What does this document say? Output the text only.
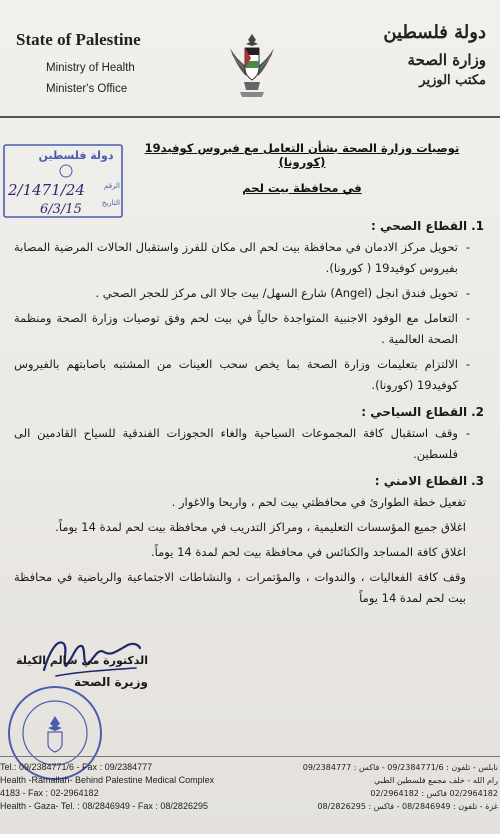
State of Palestine
Ministry of Health
Minister's Office
دولة فلسطين
وزارة الصحة
مكتب الوزير
دولة فلسطين
الرقم
التاريخ
2/1471/24
6/3/15
توصيات وزارة الصحة بشأن التعامل مع فيروس كوفيد19 (كورونا)
في محافظة بيت لحم
1.القطاع الصحي :
- تحويل مركز الادمان في محافظة بيت لحم الى مكان للفرز واستقبال الحالات المرضية المصابة بفيروس كوفيد19 ( كورونا).
- تحويل فندق انجل (Angel) شارع السهل/ بيت جالا الى مركز للحجر الصحي .
- التعامل مع الوفود الاجنبية المتواجدة حالياً في بيت لحم وفق توصيات وزارة الصحة ومنظمة الصحة العالمية .
- الالتزام بتعليمات وزارة الصحة بما يخص سحب العينات من المشتبه باصابتهم بالفيروس كوفيد19 (كورونا).
2.القطاع السياحي :
- وقف استقبال كافة المجموعات السياحية والغاء الحجوزات الفندقية للسياح القادمين الى فلسطين.
3.القطاع الامني :
تفعيل خطة الطوارئ في محافظتي بيت لحم ، واريحا والاغوار .
اغلاق جميع المؤسسات التعليمية ، ومراكز التدريب في محافظة بيت لحم لمدة 14 يوماً.
اغلاق كافة المساجد والكنائس في محافظة بيت لحم لمدة 14 يوماً.
وقف كافة الفعاليات ، والندوات ، والمؤتمرات ، والنشاطات الاجتماعية والرياضية في محافظة بيت لحم لمدة 14 يوماً
الدكتورة مي سالم الكيلة
وزيرة الصحة
Tel.: 09/2384771/6 - Fax : 09/2384777
Health -Ramallah- Behind Palestine Medical Complex
4183 - Fax : 02-2964182
Health - Gaza- Tel. : 08/2846949 - Fax : 08/2826295
نابلس - تلفون : 09/2384771/6 - فاكس : 09/2384777
رام الله - خلف مجمع فلسطين الطبي
02/2964182 فاكس : 02/2964182
غزة - تلفون : 08/2846949 - فاكس : 08/2826295
